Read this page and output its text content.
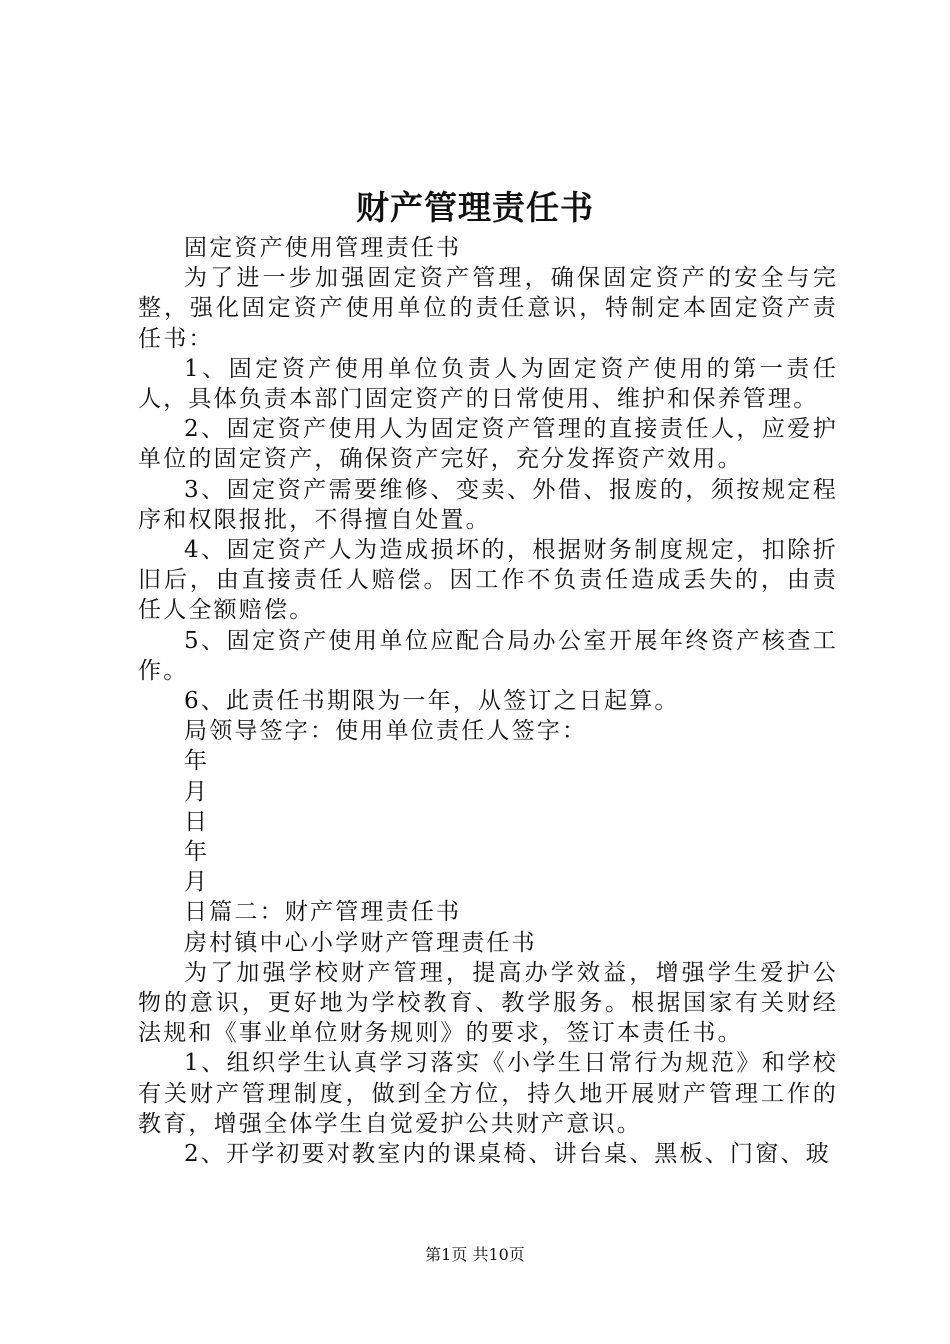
财产管理责任书

固定资产使用管理责任书

为了进一步加强固定资产管理，确保固定资产的安全与完整，强化固定资产使用单位的责任意识，特制定本固定资产责任书：

1、固定资产使用单位负责人为固定资产使用的第一责任人，具体负责本部门固定资产的日常使用、维护和保养管理。

2、固定资产使用人为固定资产管理的直接责任人，应爱护单位的固定资产，确保资产完好，充分发挥资产效用。

3、固定资产需要维修、变卖、外借、报废的，须按规定程序和权限报批，不得擅自处置。

4、固定资产人为造成损坏的，根据财务制度规定，扣除折旧后，由直接责任人赔偿。因工作不负责任造成丢失的，由责任人全额赔偿。

5、固定资产使用单位应配合局办公室开展年终资产核查工作。

6、此责任书期限为一年，从签订之日起算。

局领导签字：使用单位责任人签字：

年

月

日

年

月

日篇二：财产管理责任书

房村镇中心小学财产管理责任书

为了加强学校财产管理，提高办学效益，增强学生爱护公物的意识，更好地为学校教育、教学服务。根据国家有关财经法规和《事业单位财务规则》的要求，签订本责任书。

1、组织学生认真学习落实《小学生日常行为规范》和学校有关财产管理制度，做到全方位，持久地开展财产管理工作的教育，增强全体学生自觉爱护公共财产意识。

2、开学初要对教室内的课桌椅、讲台桌、黑板、门窗、玻

第1页 共10页
